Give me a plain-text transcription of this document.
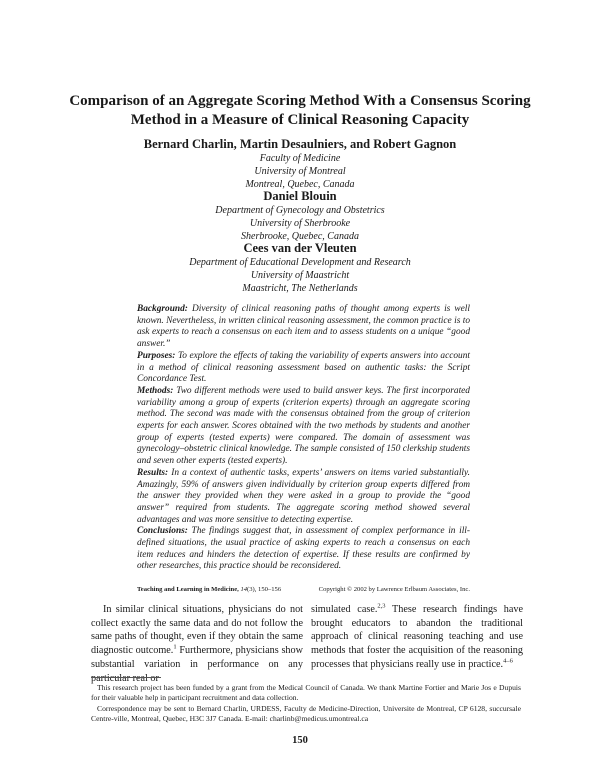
Comparison of an Aggregate Scoring Method With a Consensus Scoring
Method in a Measure of Clinical Reasoning Capacity
Bernard Charlin, Martin Desaulniers, and Robert Gagnon
Faculty of Medicine
University of Montreal
Montreal, Quebec, Canada
Daniel Blouin
Department of Gynecology and Obstetrics
University of Sherbrooke
Sherbrooke, Quebec, Canada
Cees van der Vleuten
Department of Educational Development and Research
University of Maastricht
Maastricht, The Netherlands

Background: Diversity of clinical reasoning paths of thought among experts is well known. Nevertheless, in written clinical reasoning assessment, the common practice is to ask experts to reach a consensus on each item and to assess students on a unique “good answer.”

Purposes: To explore the effects of taking the variability of experts answers into account in a method of clinical reasoning assessment based on authentic tasks: the Script Concordance Test.

Methods: Two different methods were used to build answer keys. The first incorporated variability among a group of experts (criterion experts) through an aggregate scoring method. The second was made with the consensus obtained from the group of criterion experts for each answer. Scores obtained with the two methods by students and another group of experts (tested experts) were compared. The domain of assessment was gynecology–obstetric clinical knowledge. The sample consisted of 150 clerkship students and seven other experts (tested experts).

Results: In a context of authentic tasks, experts’ answers on items varied substantially. Amazingly, 59% of answers given individually by criterion group experts differed from the answer they provided when they were asked in a group to provide the “good answer” required from students. The aggregate scoring method showed several advantages and was more sensitive to detecting expertise.

Conclusions: The findings suggest that, in assessment of complex performance in ill-defined situations, the usual practice of asking experts to reach a consensus on each item reduces and hinders the detection of expertise. If these results are confirmed by other researches, this practice should be reconsidered.

Teaching and Learning in Medicine, 14(3), 150–156	Copyright © 2002 by Lawrence Erlbaum Associates, Inc.

In similar clinical situations, physicians do not collect exactly the same data and do not follow the same paths of thought, even if they obtain the same diagnostic outcome.$^1$ Furthermore, physicians show substantial variation in performance on any particular real or

simulated case.$^{2,3}$ These research findings have brought educators to abandon the traditional approach of clinical reasoning teaching and use methods that foster the acquisition of the reasoning processes that physicians really use in practice.$^{4-6}$

This research project has been funded by a grant from the Medical Council of Canada. We thank Martine Fortier and Marie Jos e Dupuis for their valuable help in participant recruitment and data collection.

Correspondence may be sent to Bernard Charlin, URDESS, Faculty de Medicine-Direction, Universite de Montreal, CP 6128, succursale Centre-ville, Montreal, Quebec, H3C 3J7 Canada. E-mail: charlinb@medicus.umontreal.ca

150
